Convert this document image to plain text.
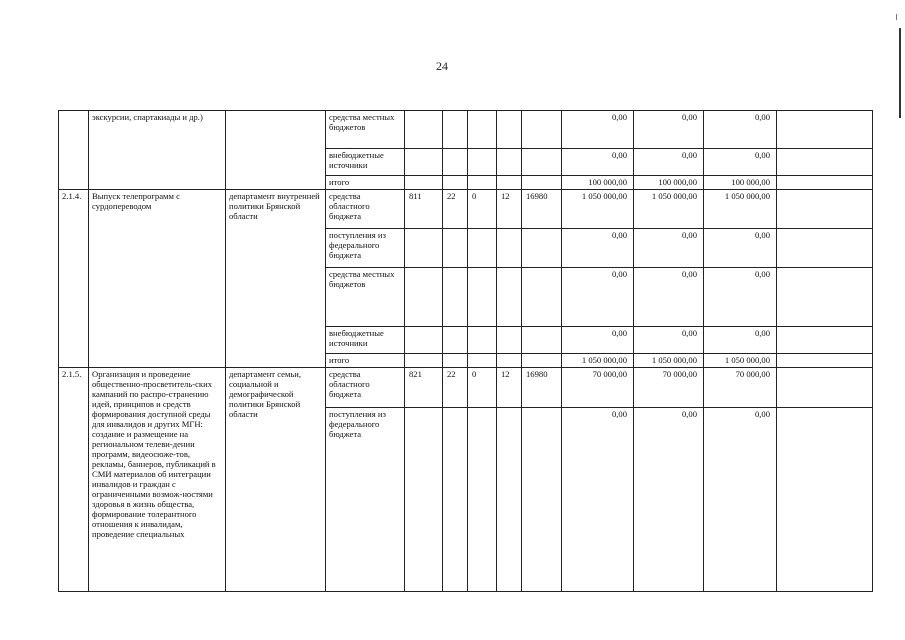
24
	экскурсии, спартакиады и др.)		средства местных бюджетов						0,00	0,00	0,00	
			внебюджетные источники						0,00	0,00	0,00	
			итого						100 000,00	100 000,00	100 000,00	
2.1.4.	Выпуск телепрограмм с сурдопереводом	департамент внутренней политики Брянской области	средства областного бюджета	811	22	0	12	16980	1 050 000,00	1 050 000,00	1 050 000,00	
			поступления из федерального бюджета						0,00	0,00	0,00	
			средства местных бюджетов						0,00	0,00	0,00	
			внебюджетные источники						0,00	0,00	0,00	
			итого						1 050 000,00	1 050 000,00	1 050 000,00	
2.1.5.	Организация и проведение общественно-просветитель-ских кампаний по распро-странению идей, принципов и средств формирования доступной среды для инвалидов и других МГН: создание и размещение на региональном телеви-дении программ, видеосюже-тов, рекламы, баннеров, публикаций в СМИ материалов об интеграции инвалидов и граждан с ограниченными возмож-ностями здоровья в жизнь общества, формирование толерантного отношения к инвалидам, проведение специальных	департамент семьи, социальной и демографической политики Брянской области	средства областного бюджета	821	22	0	12	16980	70 000,00	70 000,00	70 000,00	
			поступления из федерального бюджета						0,00	0,00	0,00	
